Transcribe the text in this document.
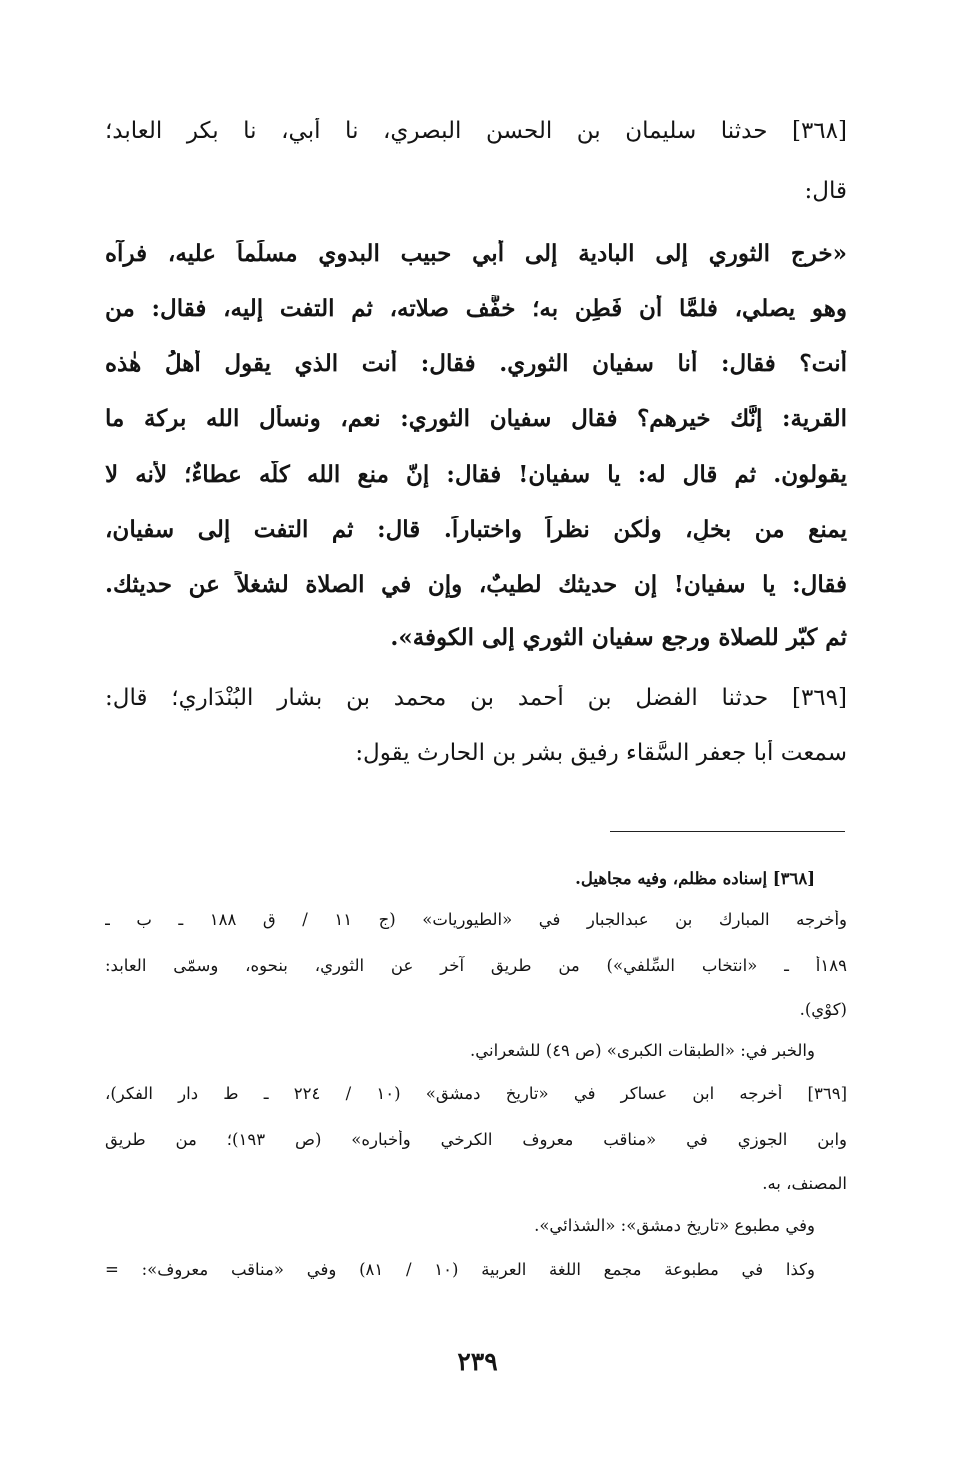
[٣٦٨] حدثنا سليمان بن الحسن البصري، نا أبي، نا بكر العابد؛
قال:
«خرج الثوري إلى البادية إلى أبي حبيب البدوي مسلِّماً عليه، فرآه
وهو يصلي، فلمَّا أن فَطِن به؛ خفَّف صلاته، ثم التفت إليه، فقال: من
أنت؟ فقال: أنا سفيان الثوري. فقال: أنت الذي يقول أهلُ هٰذه
القرية: إنَّك خيرهم؟ فقال سفيان الثوري: نعم، ونسأل الله بركة ما
يقولون. ثم قال له: يا سفيان! فقال: إنّ منع الله كلَّه عطاءٌ؛ لأنه لا
يمنع من بخلٍ، ولٰكن نظراً واختباراً. قال: ثم التفت إلى سفيان،
فقال: يا سفيان! إن حديثك لطيبٌ، وإن في الصلاة لشغلاً عن حديثك.
ثم كبّر للصلاة ورجع سفيان الثوري إلى الكوفة».
[٣٦٩] حدثنا الفضل بن أحمد بن محمد بن بشار البُنْدَاري؛ قال:
سمعت أبا جعفر السَّقاء رفيق بشر بن الحارث يقول:
[٣٦٨] إسناده مظلم، وفيه مجاهيل.
وأخرجه المبارك بن عبدالجبار في «الطيوريات» (ج ١١ / ق ١٨٨ ـ ب ـ
١٨٩أ ـ «انتخاب السِّلفي») من طريق آخر عن الثوري، بنحوه، وسمّى العابد:
(كوْي).
والخبر في: «الطبقات الكبرى» (ص ٤٩) للشعراني.
[٣٦٩] أخرجه ابن عساكر في «تاريخ دمشق» (١٠ / ٢٢٤ ـ ط دار الفكر)،
وابن الجوزي في «مناقب معروف الكرخي وأخباره» (ص ١٩٣)؛ من طريق
المصنف، به.
وفي مطبوع «تاريخ دمشق»: «الشذائي».
وكذا في مطبوعة مجمع اللغة العربية (١٠ / ٨١) وفي «مناقب معروف»: =
٢٣٩
